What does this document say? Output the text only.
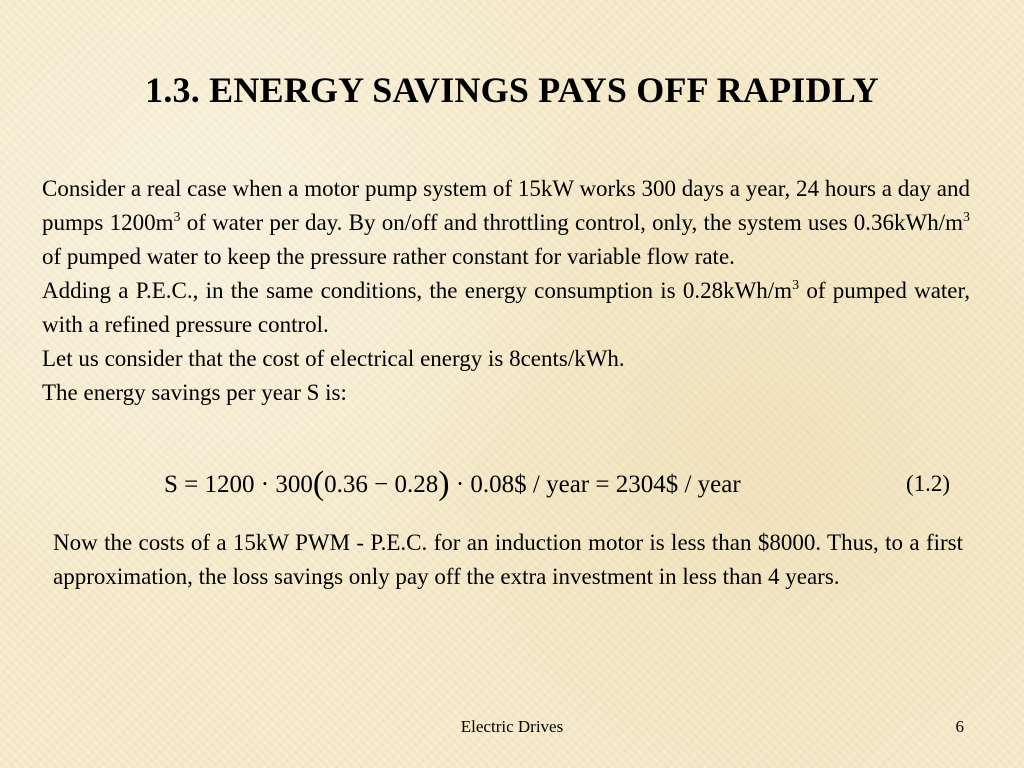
1.3. ENERGY SAVINGS PAYS OFF RAPIDLY

Consider a real case when a motor pump system of 15kW works 300 days a year, 24 hours a day and pumps $1200m^3$ of water per day. By on/off and throttling control, only, the system uses $0.36kWh/m^3$ of pumped water to keep the pressure rather constant for variable flow rate.

Adding a P.E.C., in the same conditions, the energy consumption is $0.28kWh/m^3$ of pumped water, with a refined pressure control.

Let us consider that the cost of electrical energy is 8cents/kWh.

The energy savings per year S is:

S = 1200 · 300(0.36 − 0.28) · 0.08$ / year = 2304$ / year	(1.2)

Now the costs of a 15kW PWM - P.E.C. for an induction motor is less than $8000. Thus, to a first approximation, the loss savings only pay off the extra investment in less than 4 years.

Electric Drives	6
